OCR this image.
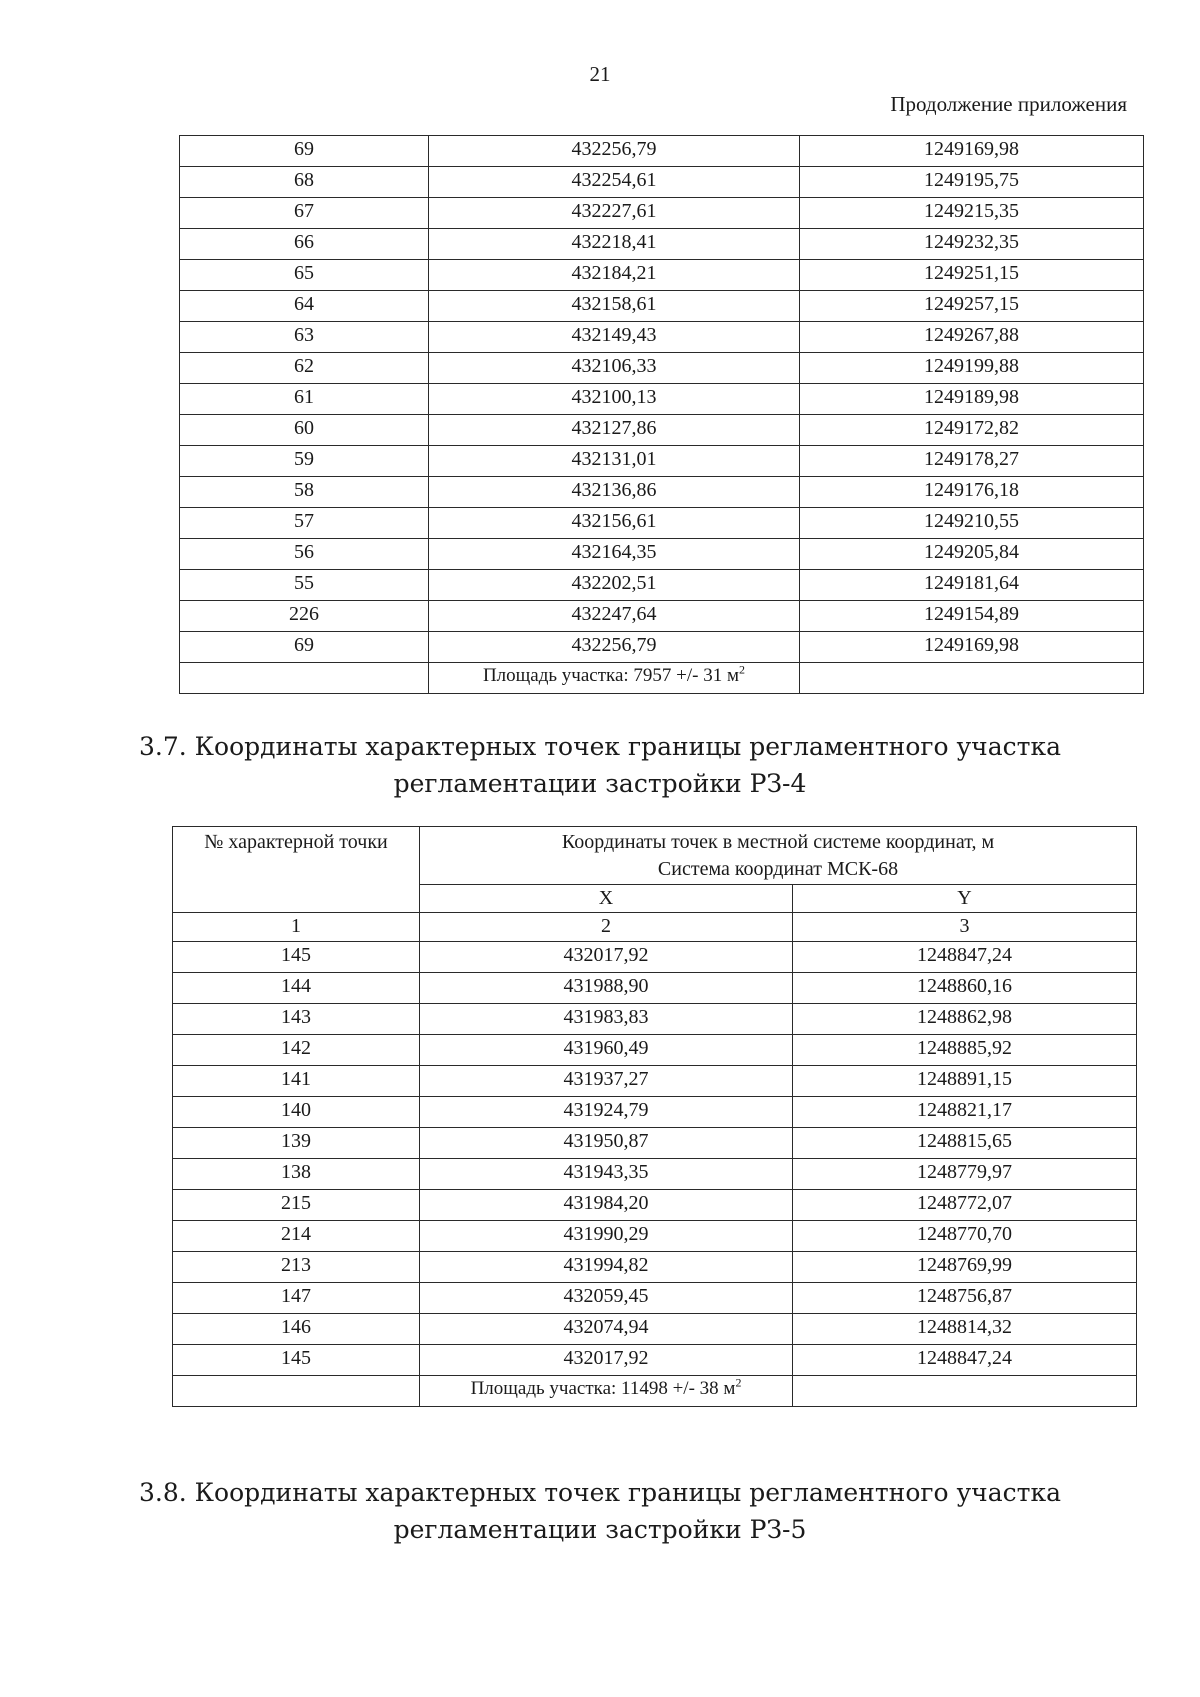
21
Продолжение приложения
69	432256,79	1249169,98
68	432254,61	1249195,75
67	432227,61	1249215,35
66	432218,41	1249232,35
65	432184,21	1249251,15
64	432158,61	1249257,15
63	432149,43	1249267,88
62	432106,33	1249199,88
61	432100,13	1249189,98
60	432127,86	1249172,82
59	432131,01	1249178,27
58	432136,86	1249176,18
57	432156,61	1249210,55
56	432164,35	1249205,84
55	432202,51	1249181,64
226	432247,64	1249154,89
69	432256,79	1249169,98
	Площадь участка: 7957 +/- 31 $м^2$	
3.7. Координаты характерных точек границы регламентного участка
регламентации застройки РЗ-4
№ характерной точки	Координаты точек в местной системе координат, м
Система координат МСК-68	

	X	Y
1	2	3
145	432017,92	1248847,24
144	431988,90	1248860,16
143	431983,83	1248862,98
142	431960,49	1248885,92
141	431937,27	1248891,15
140	431924,79	1248821,17
139	431950,87	1248815,65
138	431943,35	1248779,97
215	431984,20	1248772,07
214	431990,29	1248770,70
213	431994,82	1248769,99
147	432059,45	1248756,87
146	432074,94	1248814,32
145	432017,92	1248847,24
	Площадь участка: 11498 +/- 38 $м^2$	
3.8. Координаты характерных точек границы регламентного участка
регламентации застройки РЗ-5
